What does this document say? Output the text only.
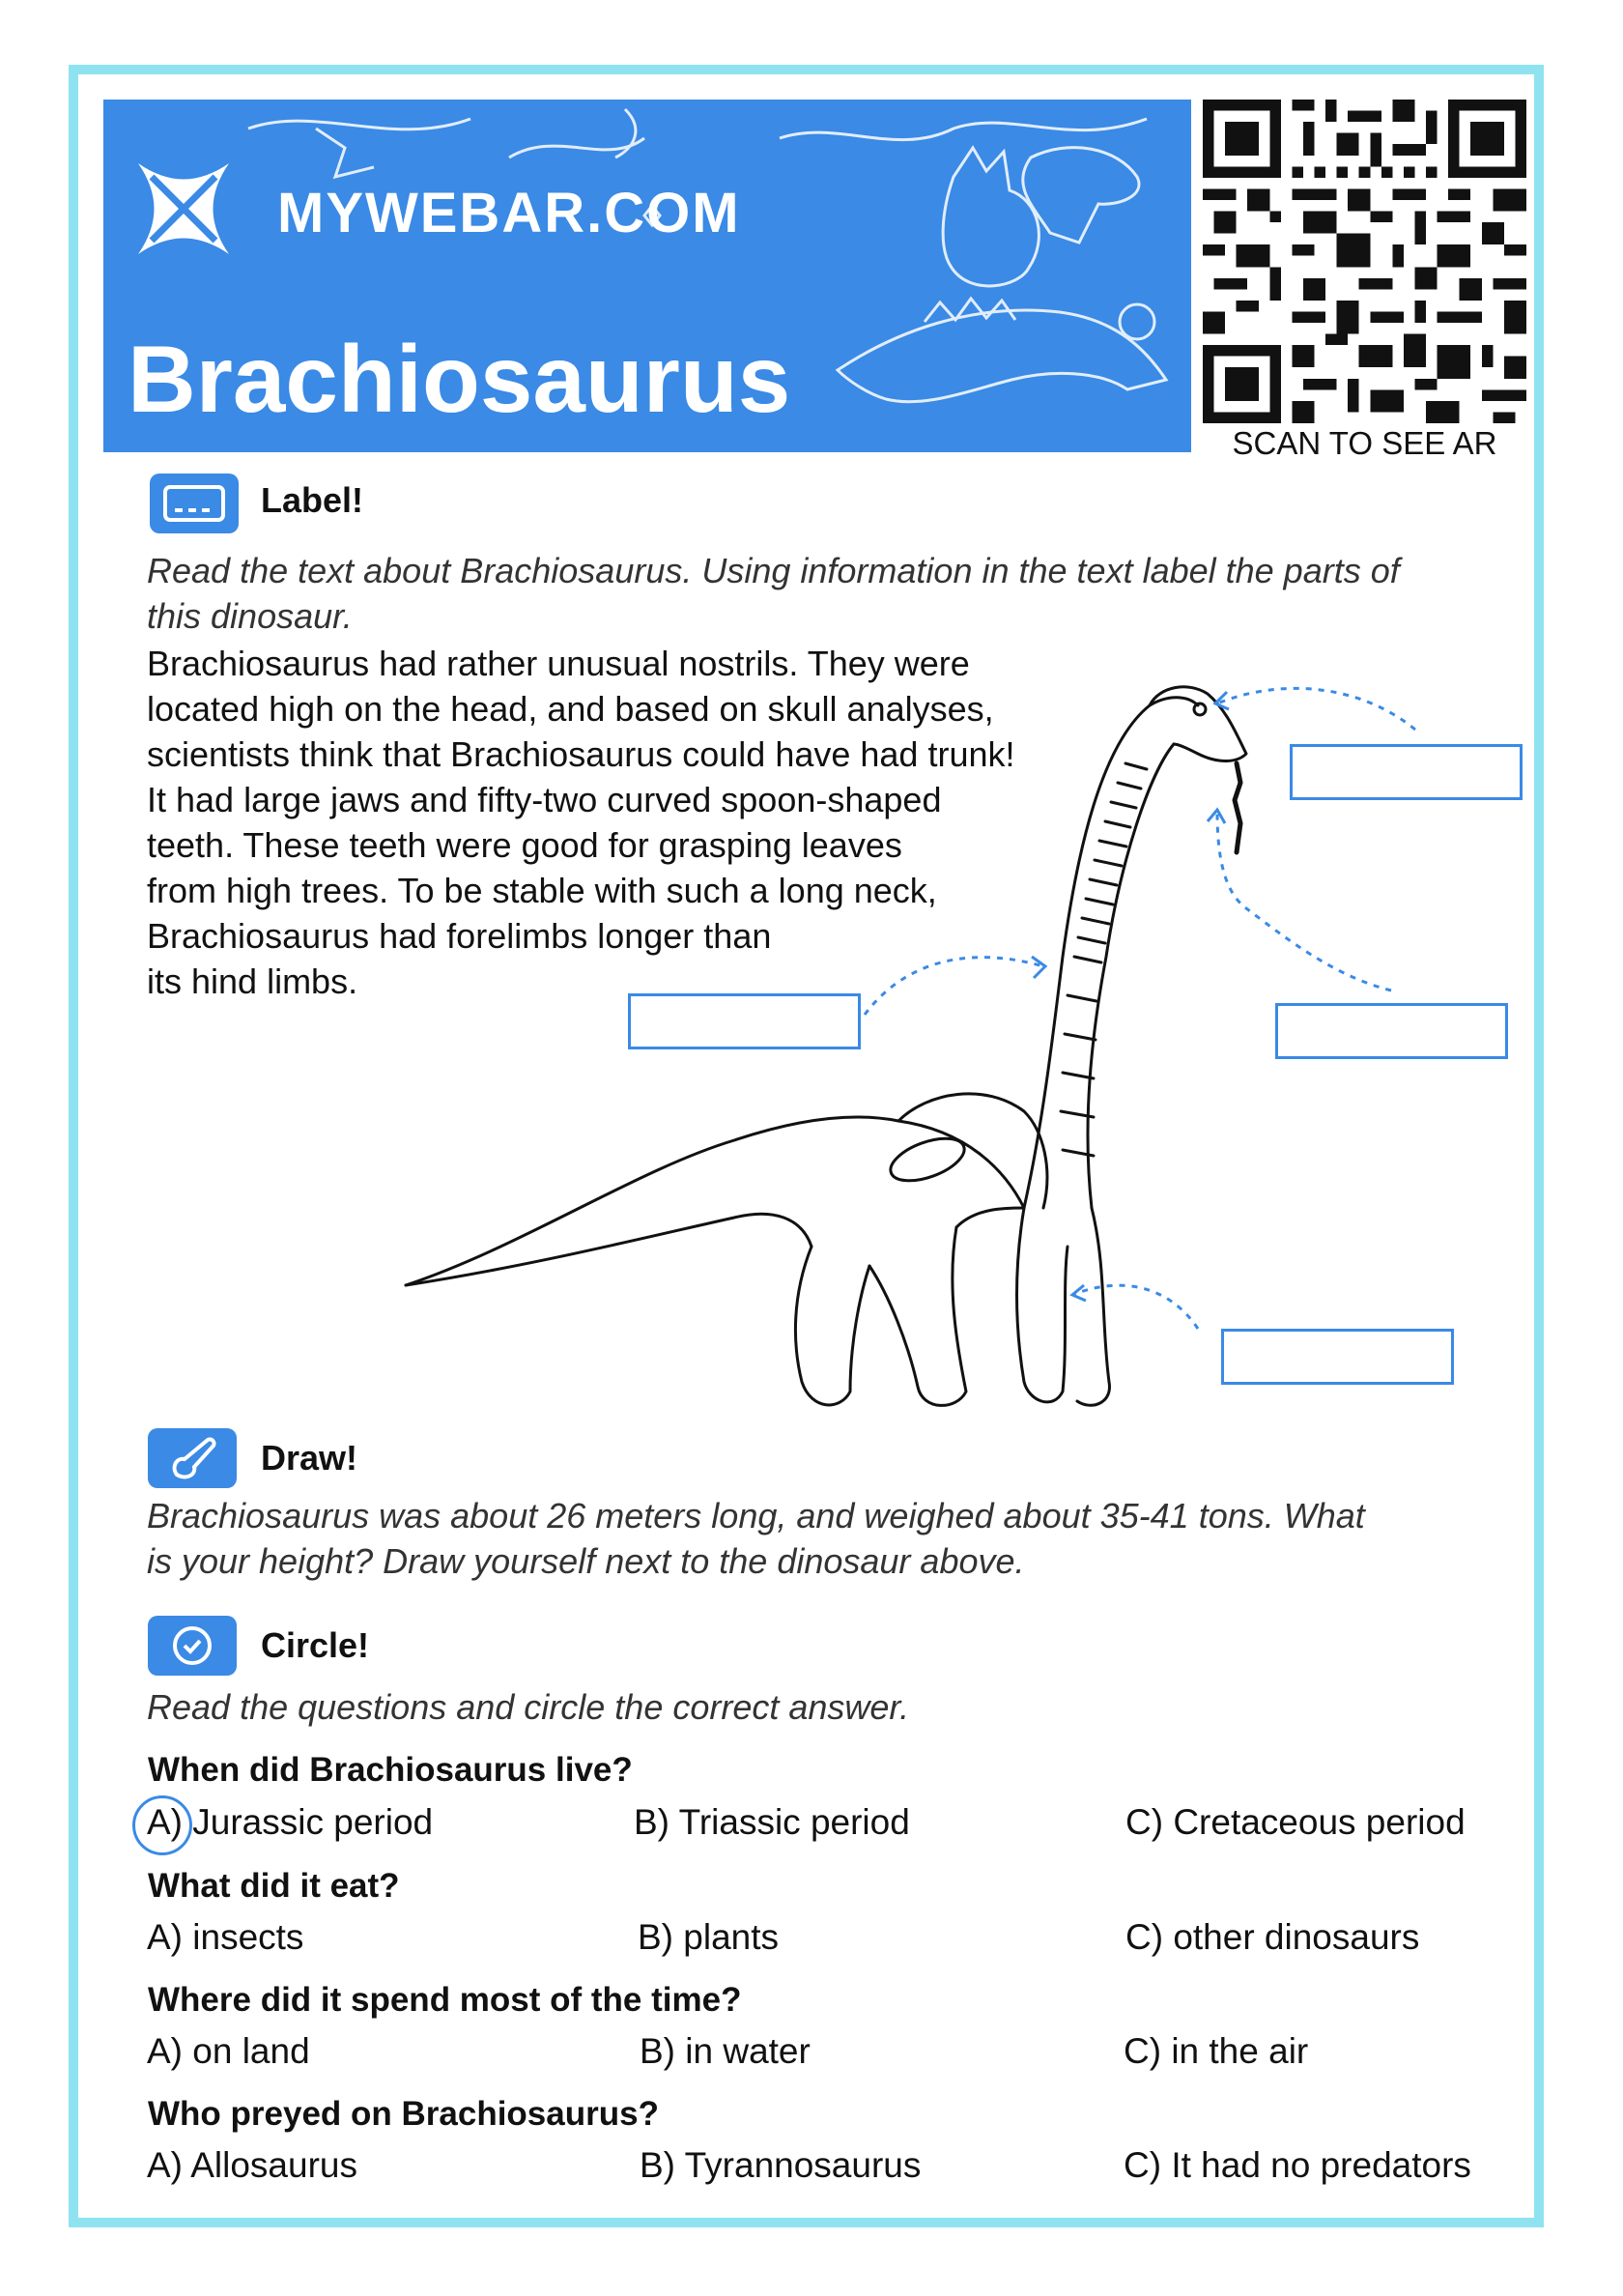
MYWEBAR.COM
Brachiosaurus
SCAN TO SEE AR
Label!
Read the text about Brachiosaurus. Using information in the text label the parts of
this dinosaur.
Brachiosaurus had rather unusual nostrils. They were
located high on the head, and based on skull analyses,
scientists think that Brachiosaurus could have had trunk!
It had large jaws and fifty-two curved spoon-shaped
teeth. These teeth were good for grasping leaves
from high trees. To be stable with such a long neck,
Brachiosaurus had forelimbs longer than
its hind limbs.
Draw!
Brachiosaurus was about 26 meters long, and weighed about 35-41 tons. What
is your height? Draw yourself next to the dinosaur above.
Circle!
Read the questions and circle the correct answer.
When did Brachiosaurus live?
A) Jurassic period	B) Triassic period	C) Cretaceous period
What did it eat?
A) insects	B) plants	C) other dinosaurs
Where did it spend most of the time?
A) on land	B) in water	C) in the air
Who preyed on Brachiosaurus?
A) Allosaurus	B) Tyrannosaurus	C) It had no predators
